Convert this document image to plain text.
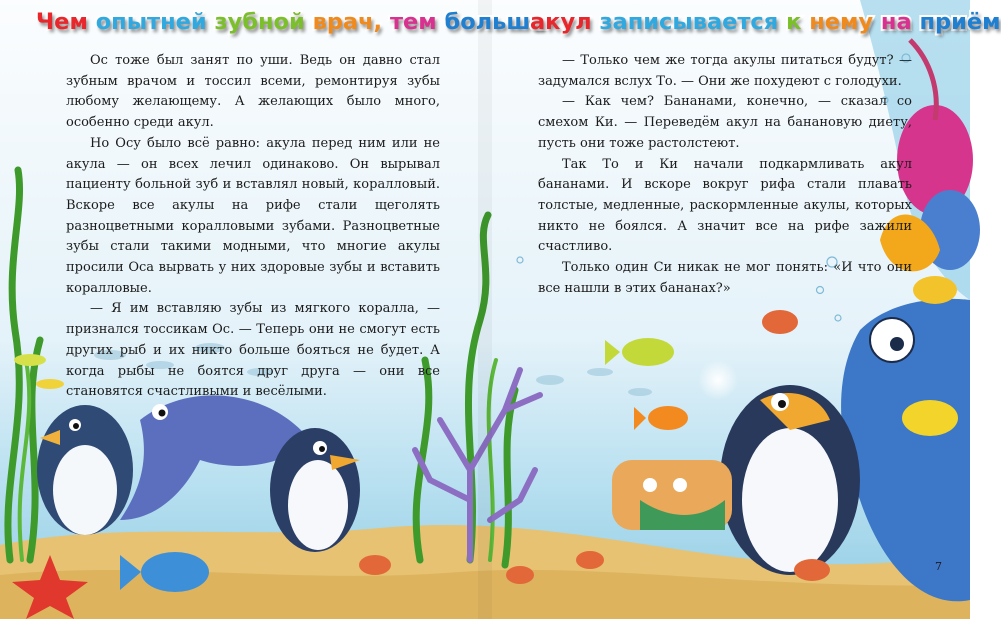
Чем опытней зубной врач, тем больше
акул записывается к нему на приём

Ос тоже был занят по уши. Ведь он давно стал зубным врачом и тоссил всеми, ремонтируя зубы любому желающему. А желающих было много, особенно среди акул.

Но Осу было всё равно: акула перед ним или не акула — он всех лечил одинаково. Он вырывал пациенту больной зуб и вставлял новый, коралловый. Вскоре все акулы на рифе стали щеголять разноцветными коралловыми зубами. Разноцветные зубы стали такими модными, что многие акулы просили Оса вырвать у них здоровые зубы и вставить коралловые.

— Я им вставляю зубы из мягкого коралла, — признался тоссикам Ос. — Теперь они не смогут есть других рыб и их никто больше бояться не будет. А когда рыбы не боятся друг друга — они все становятся счастливыми и весёлыми.

— Только чем же тогда акулы питаться будут? — задумался вслух То. — Они же похудеют с голодухи.

— Как чем? Бананами, конечно, — сказал со смехом Ки. — Переведём акул на банановую диету, пусть они тоже растолстеют.

Так То и Ки начали подкармливать акул бананами. И вскоре вокруг рифа стали плавать толстые, медленные, раскормленные акулы, которых никто не боялся. А значит все на рифе зажили счастливо.

Только один Си никак не мог понять: «И что они все нашли в этих бананах?»

7
